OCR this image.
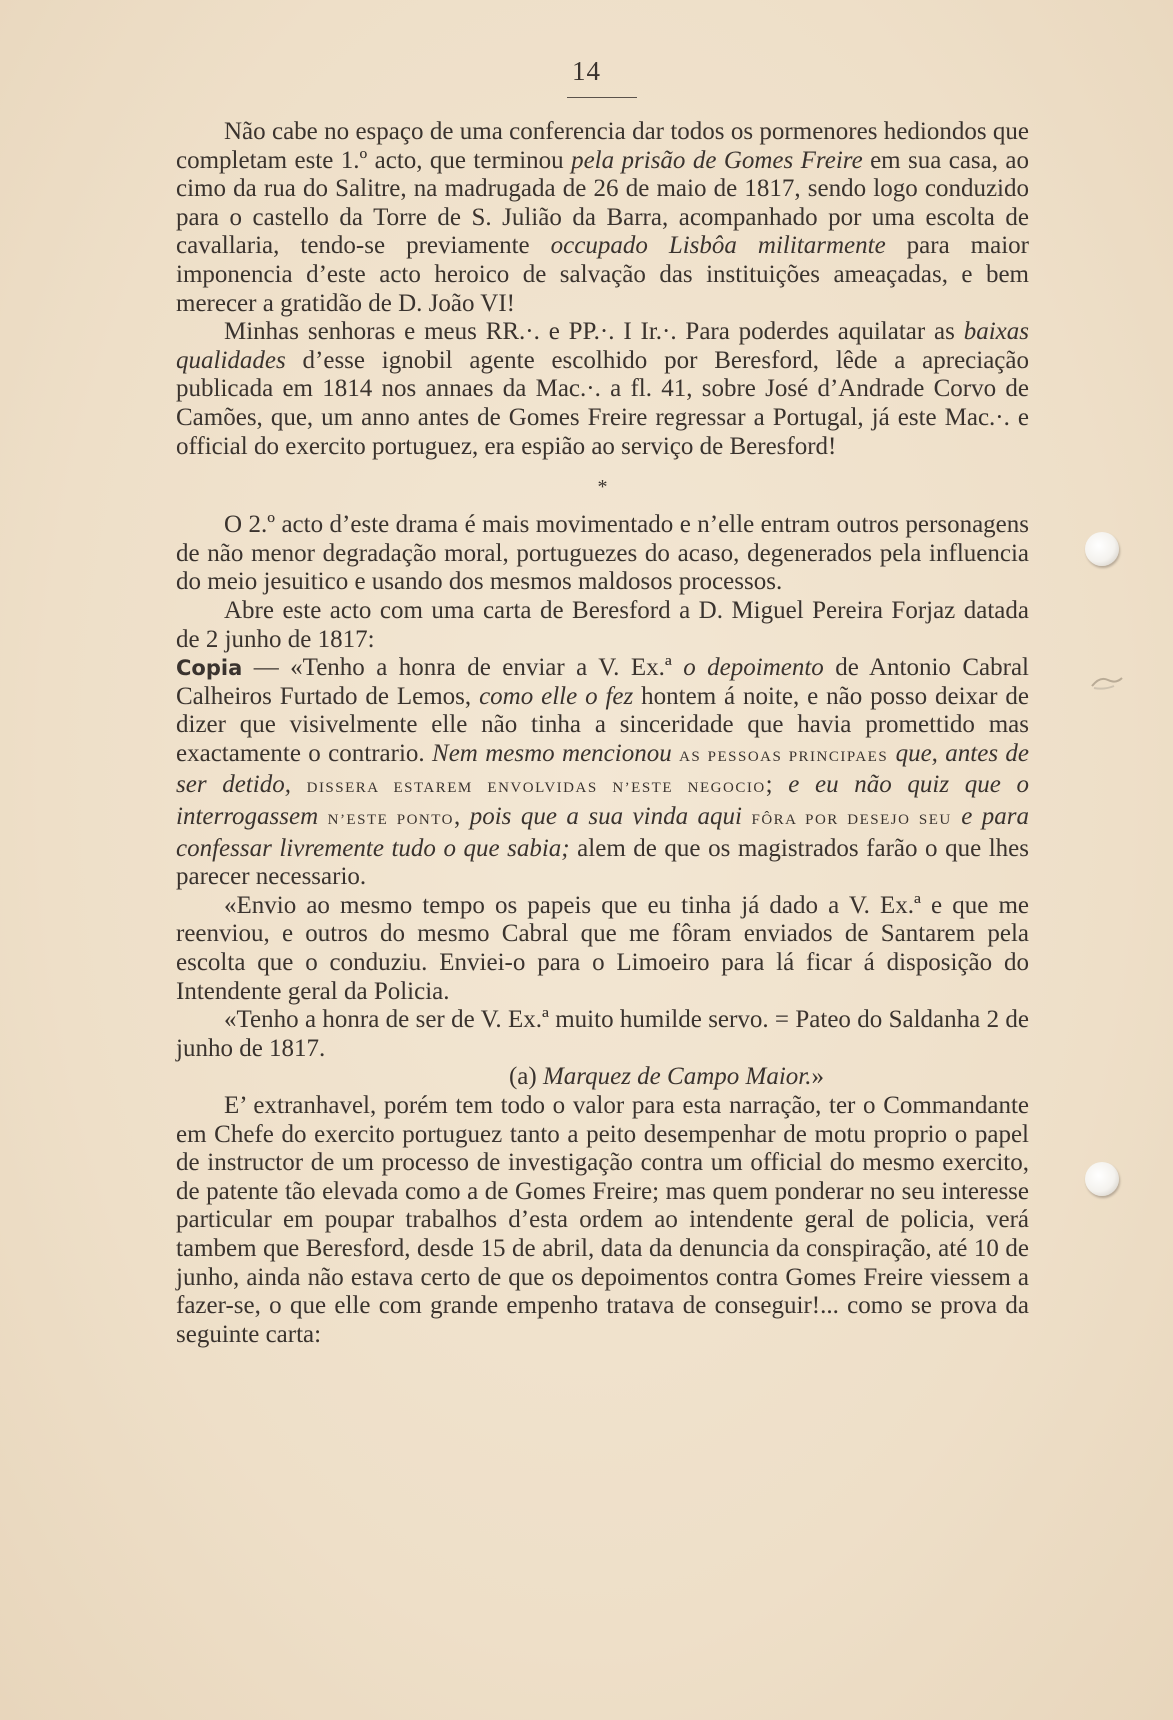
14

Não cabe no espaço de uma conferencia dar todos os pormenores hediondos que completam este 1.º acto, que terminou pela prisão de Gomes Freire em sua casa, ao cimo da rua do Salitre, na madrugada de 26 de maio de 1817, sendo logo conduzido para o castello da Torre de S. Julião da Barra, acompanhado por uma escolta de cavallaria, tendo-se previamente occupado Lisbôa militarmente para maior imponencia d’este acto heroico de salvação das instituições ameaçadas, e bem merecer a gratidão de D. João VI!

Minhas senhoras e meus RR.·. e PP.·. I Ir.·. Para poderdes aquilatar as baixas qualidades d’esse ignobil agente escolhido por Beresford, lêde a apreciação publicada em 1814 nos annaes da Mac.·. a fl. 41, sobre José d’Andrade Corvo de Camões, que, um anno antes de Gomes Freire regressar a Portugal, já este Mac.·. e official do exercito portuguez, era espião ao serviço de Beresford!

*

O 2.º acto d’este drama é mais movimentado e n’elle entram outros personagens de não menor degradação moral, portuguezes do acaso, degenerados pela influencia do meio jesuitico e usando dos mesmos maldosos processos.

Abre este acto com uma carta de Beresford a D. Miguel Pereira Forjaz datada de 2 junho de 1817:

Copia — «Tenho a honra de enviar a V. Ex.ª o depoimento de Antonio Cabral Calheiros Furtado de Lemos, como elle o fez hontem á noite, e não posso deixar de dizer que visivelmente elle não tinha a sinceridade que havia promettido mas exactamente o contrario. Nem mesmo mencionou AS PESSOAS PRINCIPAES que, antes de ser detido, DISSERA ESTAREM ENVOLVIDAS N’ESTE NEGOCIO; e eu não quiz que o interrogassem N’ESTE PONTO, pois que a sua vinda aqui FÔRA POR DESEJO SEU e para confessar livremente tudo o que sabia; alem de que os magistrados farão o que lhes parecer necessario.

«Envio ao mesmo tempo os papeis que eu tinha já dado a V. Ex.ª e que me reenviou, e outros do mesmo Cabral que me fôram enviados de Santarem pela escolta que o conduziu. Enviei-o para o Limoeiro para lá ficar á disposição do Intendente geral da Policia.

«Tenho a honra de ser de V. Ex.ª muito humilde servo. = Pateo do Saldanha 2 de junho de 1817.

(a) Marquez de Campo Maior.»

E’ extranhavel, porém tem todo o valor para esta narração, ter o Commandante em Chefe do exercito portuguez tanto a peito desempenhar de motu proprio o papel de instructor de um processo de investigação contra um official do mesmo exercito, de patente tão elevada como a de Gomes Freire; mas quem ponderar no seu interesse particular em poupar trabalhos d’esta ordem ao intendente geral de policia, verá tambem que Beresford, desde 15 de abril, data da denuncia da conspiração, até 10 de junho, ainda não estava certo de que os depoimentos contra Gomes Freire viessem a fazer-se, o que elle com grande empenho tratava de conseguir!... como se prova da seguinte carta:
